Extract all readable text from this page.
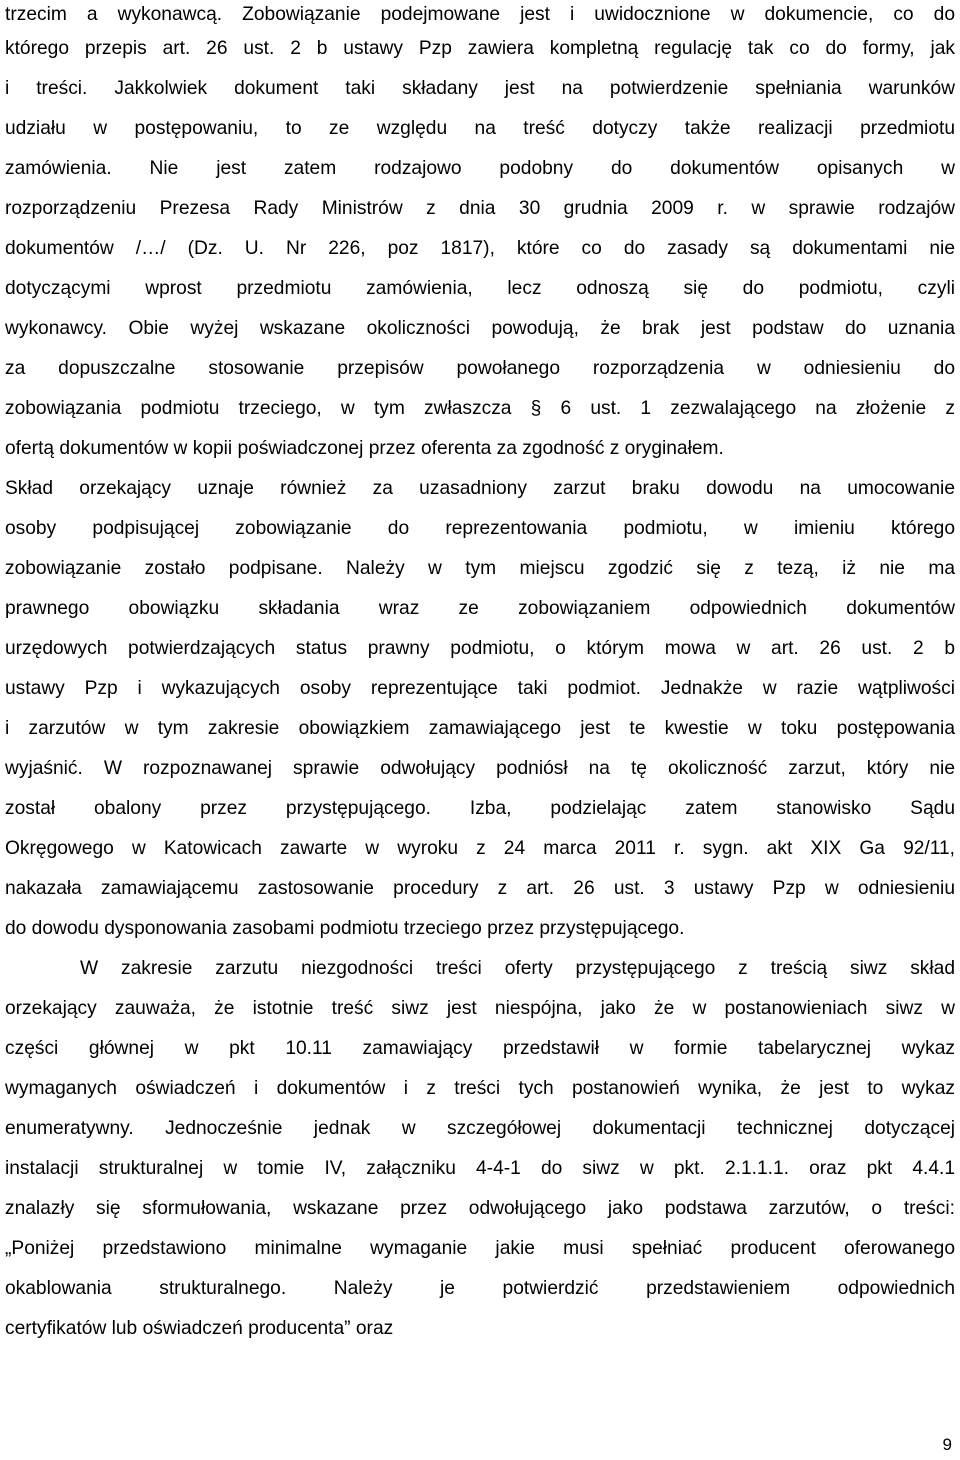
trzecim a wykonawcą. Zobowiązanie podejmowane jest i uwidocznione w dokumencie, co do
którego przepis art. 26 ust. 2 b ustawy Pzp zawiera kompletną regulację tak co do formy, jak
i treści. Jakkolwiek dokument taki składany jest na potwierdzenie spełniania warunków
udziału w postępowaniu, to ze względu na treść dotyczy także realizacji przedmiotu
zamówienia. Nie jest zatem rodzajowo podobny do dokumentów opisanych w
rozporządzeniu Prezesa Rady Ministrów z dnia 30 grudnia 2009 r. w sprawie rodzajów
dokumentów /…/ (Dz. U. Nr 226, poz 1817), które co do zasady są dokumentami nie
dotyczącymi wprost przedmiotu zamówienia, lecz odnoszą się do podmiotu, czyli
wykonawcy. Obie wyżej wskazane okoliczności powodują, że brak jest podstaw do uznania
za dopuszczalne stosowanie przepisów powołanego rozporządzenia w odniesieniu do
zobowiązania podmiotu trzeciego, w tym zwłaszcza § 6 ust. 1 zezwalającego na złożenie z
ofertą dokumentów w kopii poświadczonej przez oferenta za zgodność z oryginałem.
Skład orzekający uznaje również za uzasadniony zarzut braku dowodu na umocowanie
osoby podpisującej zobowiązanie do reprezentowania podmiotu, w imieniu którego
zobowiązanie zostało podpisane. Należy w tym miejscu zgodzić się z tezą, iż nie ma
prawnego obowiązku składania wraz ze zobowiązaniem odpowiednich dokumentów
urzędowych potwierdzających status prawny podmiotu, o którym mowa w art. 26 ust. 2 b
ustawy Pzp i wykazujących osoby reprezentujące taki podmiot. Jednakże w razie wątpliwości
i zarzutów w tym zakresie obowiązkiem zamawiającego jest te kwestie w toku postępowania
wyjaśnić. W rozpoznawanej sprawie odwołujący podniósł na tę okoliczność zarzut, który nie
został obalony przez przystępującego. Izba, podzielając zatem stanowisko Sądu
Okręgowego w Katowicach zawarte w wyroku z 24 marca 2011 r. sygn. akt XIX Ga 92/11,
nakazała zamawiającemu zastosowanie procedury z art. 26 ust. 3 ustawy Pzp w odniesieniu
do dowodu dysponowania zasobami podmiotu trzeciego przez przystępującego.
W zakresie zarzutu niezgodności treści oferty przystępującego z treścią siwz skład
orzekający zauważa, że istotnie treść siwz jest niespójna, jako że w postanowieniach siwz w
części głównej w pkt 10.11 zamawiający przedstawił w formie tabelarycznej wykaz
wymaganych oświadczeń i dokumentów i z treści tych postanowień wynika, że jest to wykaz
enumeratywny. Jednocześnie jednak w szczegółowej dokumentacji technicznej dotyczącej
instalacji strukturalnej w tomie IV, załączniku 4-4-1 do siwz w pkt. 2.1.1.1. oraz pkt 4.4.1
znalazły się sformułowania, wskazane przez odwołującego jako podstawa zarzutów, o treści:
„Poniżej przedstawiono minimalne wymaganie jakie musi spełniać producent oferowanego
okablowania strukturalnego. Należy je potwierdzić przedstawieniem odpowiednich
certyfikatów lub oświadczeń producenta” oraz
9
